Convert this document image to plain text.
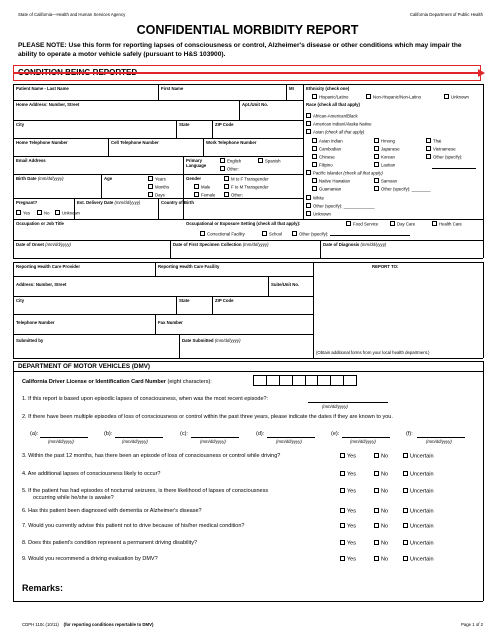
State of California—Health and Human Services Agency	California Department of Public Health
CONFIDENTIAL MORBIDITY REPORT
PLEASE NOTE: Use this form for reporting lapses of consciousness or control, Alzheimer's disease or other conditions which may impair the ability to operate a motor vehicle safely (pursuant to H&S 103900).
Patient Name - Last Name	First Name	MI
Home Address: Number, Street	Apt./Unit No.
City	State	ZIP Code
Home Telephone Number	Cell Telephone Number	Work Telephone Number
Email Address	Primary Language
English	Spanish
Other:
Birth Date (mm/dd/yyyy)	Age	Years
Months
Days
Gender
Male
Female
M to F Transgender
F to M Transgender
Other:
Pregnant?
Yes	No	Unknown
Est. Delivery Date (mm/dd/yyyy)	Country of Birth
Occupation or Job Title	Occupational or Exposure Setting (check all that apply):	Food Service	Day Care	Health Care
Correctional Facility	School	Other (specify):
Date of Onset (mm/dd/yyyy)	Date of First Specimen Collection (mm/dd/yyyy)	Date of Diagnosis (mm/dd/yyyy)
Ethnicity (check one)
Hispanic/Latino	Non-Hispanic/Non-Latino	Unknown
Race (check all that apply)
African-American/Black
American Indian/Alaska Native
Asian (check all that apply)
Asian Indian	Hmong	Thai
Cambodian	Japanese	Vietnamese
Chinese	Korean	Other (specify):
Filipino	Laotian
Pacific Islander (check all that apply)
Native Hawaiian	Samoan
Guamanian	Other (specify): ________
White
Other (specify): _____________
Unknown
Reporting Health Care Provider	Reporting Health Care Facility	REPORT TO:
Address: Number, Street	Suite/Unit No.
City	State	ZIP Code
Telephone Number	Fax Number
Submitted by	Date Submitted (mm/dd/yyyy)
(Obtain additional forms from your local health department.)
DEPARTMENT OF MOTOR VEHICLES (DMV)
California Driver License or Identification Card Number (eight characters):
1. If this report is based upon episodic lapses of consciousness, when was the most recent episode?:
(mm/dd/yyyy)
2. If there have been multiple episodes of loss of consciousness or control within the past three years, please indicate the dates if they are known to you.
(a):
(mm/dd/yyyy)
(b):
(mm/dd/yyyy)
(c):
(mm/dd/yyyy)
(d):
(mm/dd/yyyy)
(e):
(mm/dd/yyyy)
(f):
(mm/dd/yyyy)
3. Within the past 12 months, has there been an episode of loss of consciousness or control while driving?	Yes	No	Uncertain
4. Are additional lapses of consciousness likely to occur?	Yes	No	Uncertain
5. If the patient has had episodes of nocturnal seizures, is there likelihood of lapses of consciousness
occurring while he/she is awake?
Yes	No	Uncertain
6. Has this patient been diagnosed with dementia or Alzheimer's disease?	Yes	No	Uncertain
7. Would you currently advise this patient not to drive because of his/her medical condition?	Yes	No	Uncertain
8. Does this patient's condition represent a permanent driving disability?	Yes	No	Uncertain
9. Would you recommend a driving evaluation by DMV?	Yes	No	Uncertain
Remarks:
CDPH 110c (10/11) (for reporting conditions reportable to DMV)	Page 1 of 2
